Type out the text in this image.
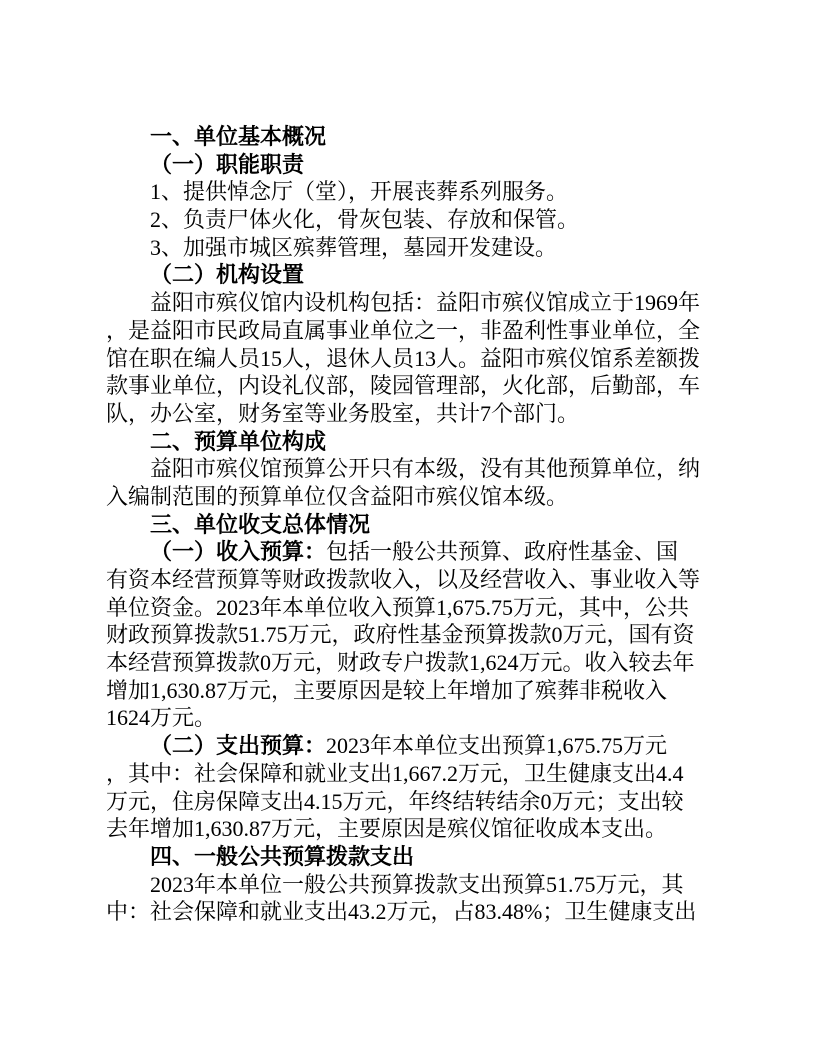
一、单位基本概况
（一）职能职责
1、提供悼念厅（堂），开展丧葬系列服务。
2、负责尸体火化，骨灰包装、存放和保管。
3、加强市城区殡葬管理，墓园开发建设。
（二）机构设置
益阳市殡仪馆内设机构包括：益阳市殡仪馆成立于1969年
，是益阳市民政局直属事业单位之一，非盈利性事业单位，全
馆在职在编人员15人，退休人员13人。益阳市殡仪馆系差额拨
款事业单位，内设礼仪部，陵园管理部，火化部，后勤部，车
队，办公室，财务室等业务股室，共计7个部门。
二、预算单位构成
益阳市殡仪馆预算公开只有本级，没有其他预算单位，纳
入编制范围的预算单位仅含益阳市殡仪馆本级。
三、单位收支总体情况
（一）收入预算：包括一般公共预算、政府性基金、国
有资本经营预算等财政拨款收入，以及经营收入、事业收入等
单位资金。2023年本单位收入预算1,675.75万元，其中，公共
财政预算拨款51.75万元，政府性基金预算拨款0万元，国有资
本经营预算拨款0万元，财政专户拨款1,624万元。收入较去年
增加1,630.87万元，主要原因是较上年增加了殡葬非税收入
1624万元。
（二）支出预算：2023年本单位支出预算1,675.75万元
，其中：社会保障和就业支出1,667.2万元，卫生健康支出4.4
万元，住房保障支出4.15万元，年终结转结余0万元；支出较
去年增加1,630.87万元，主要原因是殡仪馆征收成本支出。
四、一般公共预算拨款支出
2023年本单位一般公共预算拨款支出预算51.75万元，其
中：社会保障和就业支出43.2万元，占83.48%；卫生健康支出
